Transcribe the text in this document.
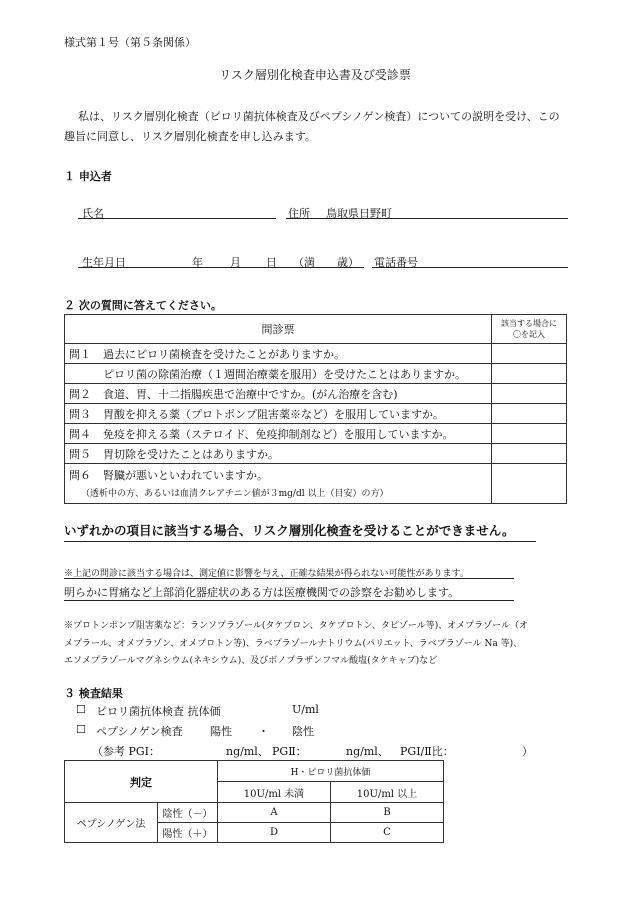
様式第１号（第５条関係）
リスク層別化検査申込書及び受診票
私は、リスク層別化検査（ピロリ菌抗体検査及びペプシノゲン検査）についての説明を受け、この
趣旨に同意し、リスク層別化検査を申し込みます。
１ 申込者
氏名	住所 鳥取県日野町
生年月日	年 月 日 （満 歳） 電話番号
２ 次の質問に答えてください。
問診票		該当する場合に
〇を記入

問１	過去にピロリ菌検査を受けたことがありますか。	
	ピロリ菌の除菌治療（１週間治療薬を服用）を受けたことはありますか。	
問２	食道、胃、十二指腸疾患で治療中ですか。(がん治療を含む)	
問３	胃酸を抑える薬（プロトポンプ阻害薬※など）を服用していますか。	
問４	免疫を抑える薬（ステロイド、免疫抑制剤など）を服用していますか。	
問５	胃切除を受けたことはありますか。	
問６	腎臓が悪いといわれていますか。
（透析中の方、あるいは血清クレアチニン値が３mg/dl 以上（目安）の方）	

いずれかの項目に該当する場合、リスク層別化検査を受けることができません。
※上記の問診に該当する場合は、測定値に影響を与え、正確な結果が得られない可能性があります。
明らかに胃痛など上部消化器症状のある方は医療機関での診察をお勧めします。
※プロトンポンプ阻害薬など：ランソプラゾール(タケプロン、タケプロトン、タピゾール等)、オメプラゾール（オ
メプラール、オメプラゾン、オメプロトン等)、ラベプラゾールナトリウム(パリエット、ラベプラゾール Na 等)、
エソメプラゾールマグネシウム(ネキシウム)、及びボノプラザンフマル酸塩(タケキャブ)など
３ 検査結果
☐ ピロリ菌抗体検査 抗体価	U/ml
☐ ペプシノゲン検査 陽性 ・ 陰性
（参考 PGⅠ：	ng/ml、 PGⅡ：	ng/ml、 PGⅠ/Ⅱ比：	）
判定		H・ピロリ菌抗体価	
		10U/ml 未満	10U/ml 以上
ペプシノゲン法	陰性（－）	A	B
	陽性（＋）	D	C
